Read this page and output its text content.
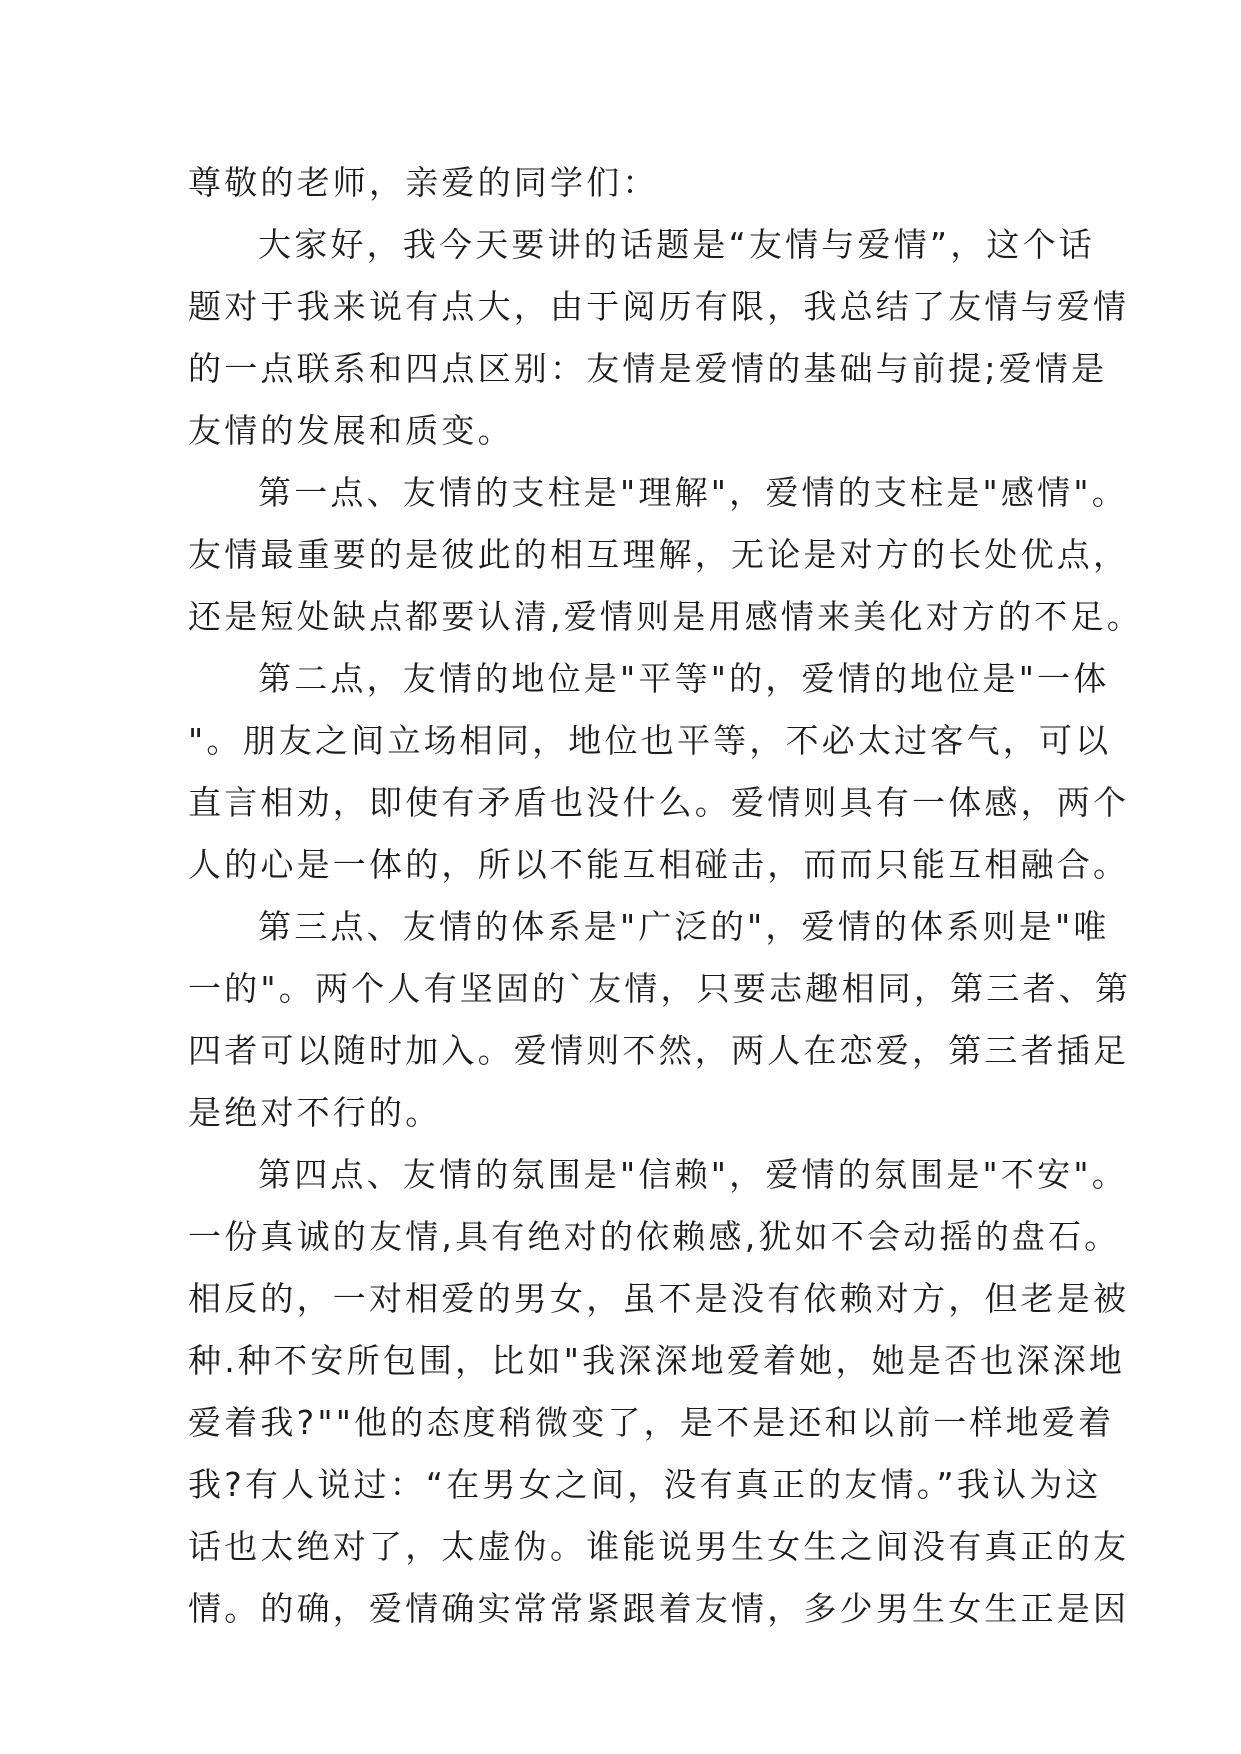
尊敬的老师，亲爱的同学们：
大家好，我今天要讲的话题是“友情与爱情”，这个话
题对于我来说有点大，由于阅历有限，我总结了友情与爱情
的一点联系和四点区别：友情是爱情的基础与前提;爱情是
友情的发展和质变。
第一点、友情的支柱是"理解"，爱情的支柱是"感情"。
友情最重要的是彼此的相互理解，无论是对方的长处优点，
还是短处缺点都要认清,爱情则是用感情来美化对方的不足。
第二点，友情的地位是"平等"的，爱情的地位是"一体
"。朋友之间立场相同，地位也平等，不必太过客气，可以
直言相劝，即使有矛盾也没什么。爱情则具有一体感，两个
人的心是一体的，所以不能互相碰击，而而只能互相融合。
第三点、友情的体系是"广泛的"，爱情的体系则是"唯
一的"。两个人有坚固的`友情，只要志趣相同，第三者、第
四者可以随时加入。爱情则不然，两人在恋爱，第三者插足
是绝对不行的。
第四点、友情的氛围是"信赖"，爱情的氛围是"不安"。
一份真诚的友情,具有绝对的依赖感,犹如不会动摇的盘石。
相反的，一对相爱的男女，虽不是没有依赖对方，但老是被
种.种不安所包围，比如"我深深地爱着她，她是否也深深地
爱着我?""他的态度稍微变了，是不是还和以前一样地爱着
我?有人说过：“在男女之间，没有真正的友情。”我认为这
话也太绝对了，太虚伪。谁能说男生女生之间没有真正的友
情。的确，爱情确实常常紧跟着友情，多少男生女生正是因
